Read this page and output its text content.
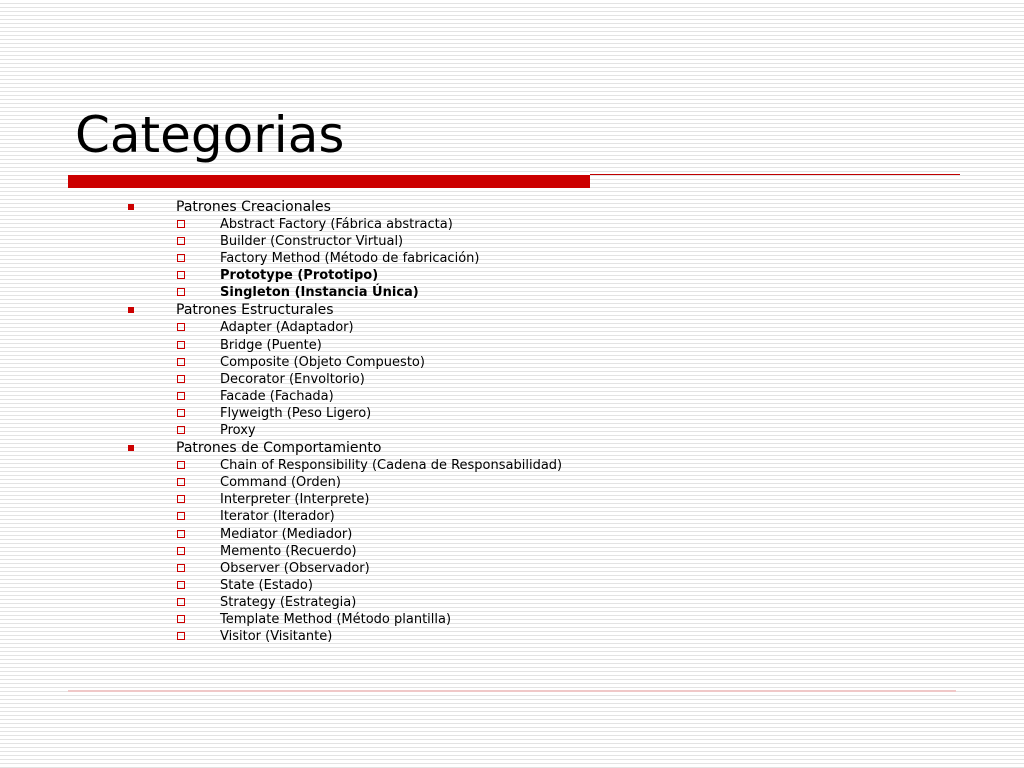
Categorias
Patrones Creacionales
Abstract Factory (Fábrica abstracta)
Builder (Constructor Virtual)
Factory Method (Método de fabricación)
Prototype (Prototipo)
Singleton (Instancia Única)
Patrones Estructurales
Adapter (Adaptador)
Bridge (Puente)
Composite (Objeto Compuesto)
Decorator (Envoltorio)
Facade (Fachada)
Flyweigth (Peso Ligero)
Proxy
Patrones de Comportamiento
Chain of Responsibility (Cadena de Responsabilidad)
Command (Orden)
Interpreter (Interprete)
Iterator (Iterador)
Mediator (Mediador)
Memento (Recuerdo)
Observer (Observador)
State (Estado)
Strategy (Estrategia)
Template Method (Método plantilla)
Visitor (Visitante)
